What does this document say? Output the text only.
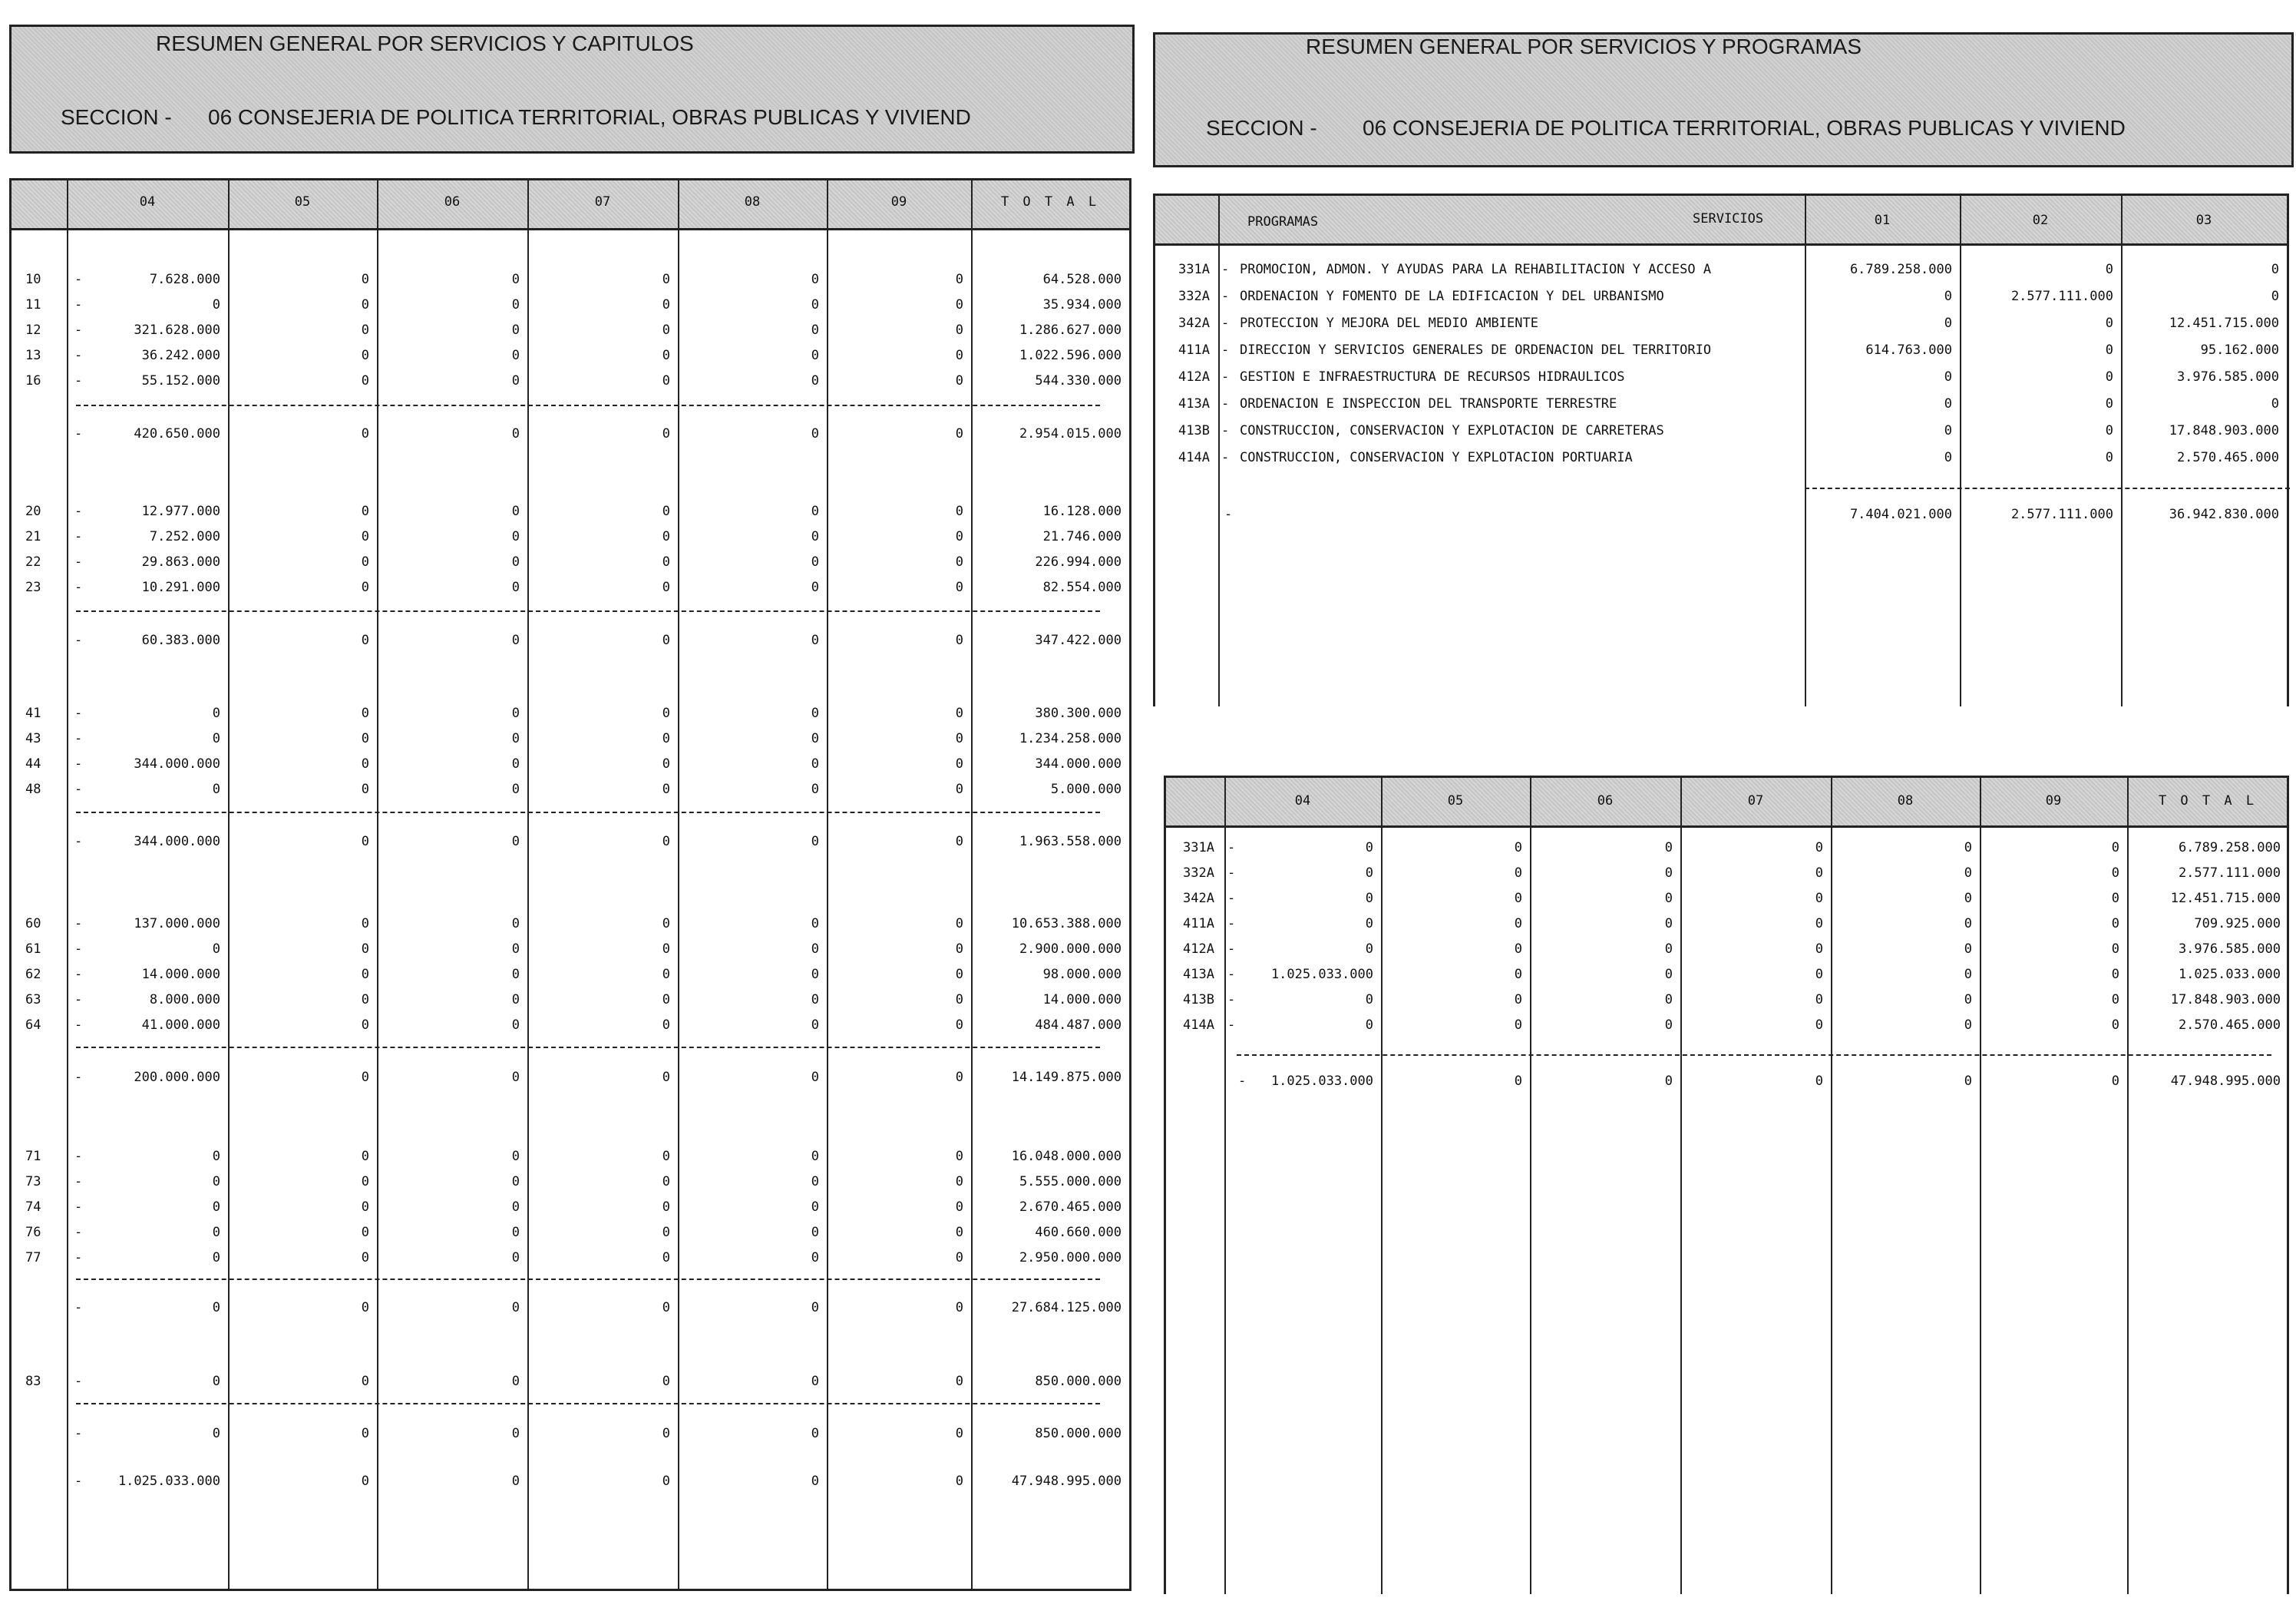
RESUMEN GENERAL POR SERVICIOS Y CAPITULOS
SECCION - 06 CONSEJERIA DE POLITICA TERRITORIAL, OBRAS PUBLICAS Y VIVIEND
04	05	06	07	08	09	T O T A L
10	-	7.628.000	0	0	0	0	0	64.528.000
11	-	0	0	0	0	0	0	35.934.000
12	-	321.628.000	0	0	0	0	0	1.286.627.000
13	-	36.242.000	0	0	0	0	0	1.022.596.000
16	-	55.152.000	0	0	0	0	0	544.330.000
-	420.650.000	0	0	0	0	0	2.954.015.000
20	-	12.977.000	0	0	0	0	0	16.128.000
21	-	7.252.000	0	0	0	0	0	21.746.000
22	-	29.863.000	0	0	0	0	0	226.994.000
23	-	10.291.000	0	0	0	0	0	82.554.000
-	60.383.000	0	0	0	0	0	347.422.000
41	-	0	0	0	0	0	0	380.300.000
43	-	0	0	0	0	0	0	1.234.258.000
44	-	344.000.000	0	0	0	0	0	344.000.000
48	-	0	0	0	0	0	0	5.000.000
-	344.000.000	0	0	0	0	0	1.963.558.000
60	-	137.000.000	0	0	0	0	0	10.653.388.000
61	-	0	0	0	0	0	0	2.900.000.000
62	-	14.000.000	0	0	0	0	0	98.000.000
63	-	8.000.000	0	0	0	0	0	14.000.000
64	-	41.000.000	0	0	0	0	0	484.487.000
-	200.000.000	0	0	0	0	0	14.149.875.000
71	-	0	0	0	0	0	0	16.048.000.000
73	-	0	0	0	0	0	0	5.555.000.000
74	-	0	0	0	0	0	0	2.670.465.000
76	-	0	0	0	0	0	0	460.660.000
77	-	0	0	0	0	0	0	2.950.000.000
-	0	0	0	0	0	0	27.684.125.000
83	-	0	0	0	0	0	0	850.000.000
-	0	0	0	0	0	0	850.000.000
-	1.025.033.000	0	0	0	0	0	47.948.995.000
RESUMEN GENERAL POR SERVICIOS Y PROGRAMAS
SECCION - 06 CONSEJERIA DE POLITICA TERRITORIAL, OBRAS PUBLICAS Y VIVIEND
PROGRAMAS	SERVICIOS	01	02	03
331A - PROMOCION, ADMON. Y AYUDAS PARA LA REHABILITACION Y ACCESO A	6.789.258.000	0	0
332A - ORDENACION Y FOMENTO DE LA EDIFICACION Y DEL URBANISMO	0	2.577.111.000	0
342A - PROTECCION Y MEJORA DEL MEDIO AMBIENTE	0	0	12.451.715.000
411A - DIRECCION Y SERVICIOS GENERALES DE ORDENACION DEL TERRITORIO	614.763.000	0	95.162.000
412A - GESTION E INFRAESTRUCTURA DE RECURSOS HIDRAULICOS	0	0	3.976.585.000
413A - ORDENACION E INSPECCION DEL TRANSPORTE TERRESTRE	0	0	0
413B - CONSTRUCCION, CONSERVACION Y EXPLOTACION DE CARRETERAS	0	0	17.848.903.000
414A - CONSTRUCCION, CONSERVACION Y EXPLOTACION PORTUARIA	0	0	2.570.465.000
-	7.404.021.000	2.577.111.000	36.942.830.000
04	05	06	07	08	09	T O T A L
331A -	0	0	0	0	0	0	6.789.258.000
332A -	0	0	0	0	0	0	2.577.111.000
342A -	0	0	0	0	0	0	12.451.715.000
411A -	0	0	0	0	0	0	709.925.000
412A -	0	0	0	0	0	0	3.976.585.000
413A -	1.025.033.000	0	0	0	0	0	1.025.033.000
413B -	0	0	0	0	0	0	17.848.903.000
414A -	0	0	0	0	0	0	2.570.465.000
-	1.025.033.000	0	0	0	0	0	47.948.995.000
